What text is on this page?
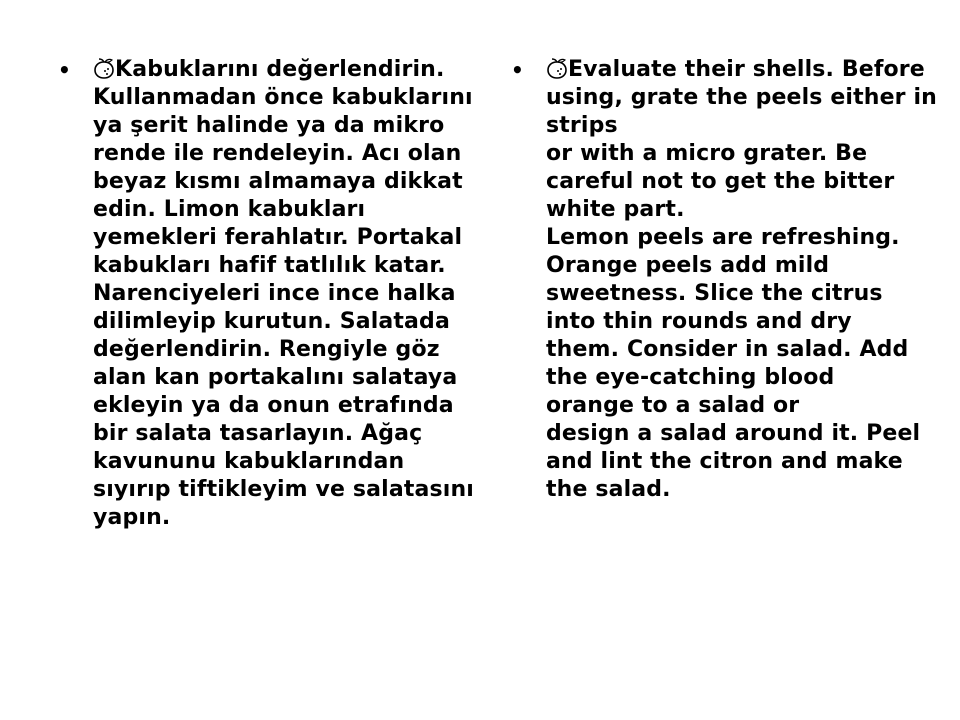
•	Kabuklarını değerlendirin.
Kullanmadan önce kabuklarını
ya şerit halinde ya da mikro
rende ile rendeleyin. Acı olan
beyaz kısmı almamaya dikkat
edin. Limon kabukları
yemekleri ferahlatır. Portakal
kabukları hafif tatlılık katar.
Narenciyeleri ince ince halka
dilimleyip kurutun. Salatada
değerlendirin. Rengiyle göz
alan kan portakalını salataya
ekleyin ya da onun etrafında
bir salata tasarlayın. Ağaç
kavununu kabuklarından
sıyırıp tiftikleyim ve salatasını
yapın.
•	Evaluate their shells. Before
using, grate the peels either in
strips
or with a micro grater. Be
careful not to get the bitter
white part.
Lemon peels are refreshing.
Orange peels add mild
sweetness. Slice the citrus
into thin rounds and dry
them. Consider in salad. Add
the eye-catching blood
orange to a salad or
design a salad around it. Peel
and lint the citron and make
the salad.
